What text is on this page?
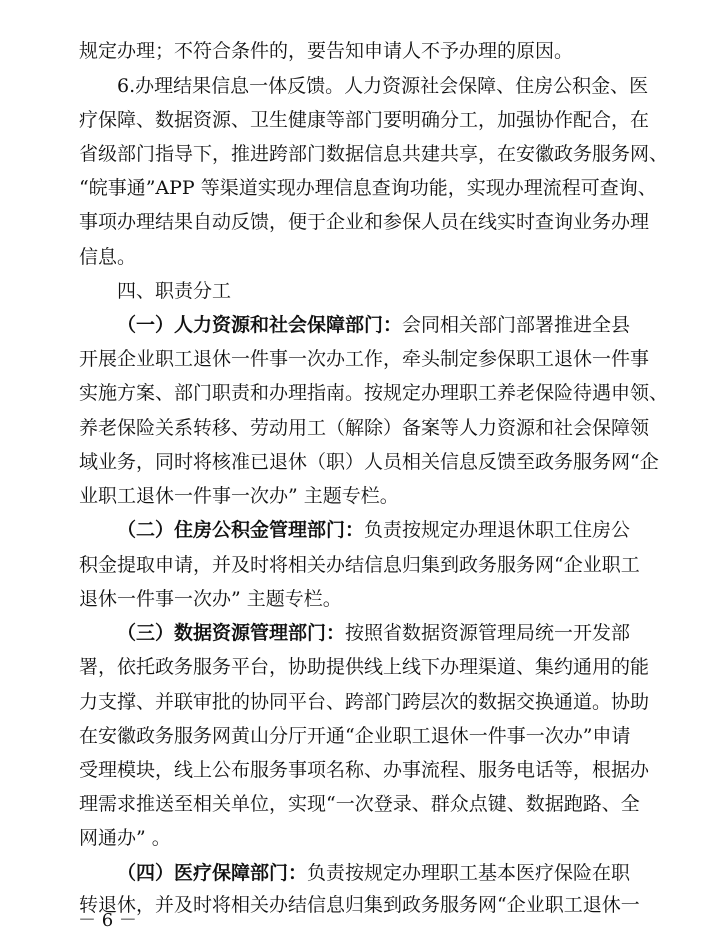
规定办理；不符合条件的，要告知申请人不予办理的原因。
6.办理结果信息一体反馈。人力资源社会保障、住房公积金、医
疗保障、数据资源、卫生健康等部门要明确分工，加强协作配合，在
省级部门指导下，推进跨部门数据信息共建共享，在安徽政务服务网、
“皖事通”APP 等渠道实现办理信息查询功能，实现办理流程可查询、
事项办理结果自动反馈，便于企业和参保人员在线实时查询业务办理
信息。
四、职责分工
（一）人力资源和社会保障部门：会同相关部门部署推进全县
开展企业职工退休一件事一次办工作，牵头制定参保职工退休一件事
实施方案、部门职责和办理指南。按规定办理职工养老保险待遇申领、
养老保险关系转移、劳动用工（解除）备案等人力资源和社会保障领
域业务，同时将核准已退休（职）人员相关信息反馈至政务服务网“企
业职工退休一件事一次办” 主题专栏。
（二）住房公积金管理部门：负责按规定办理退休职工住房公
积金提取申请，并及时将相关办结信息归集到政务服务网“企业职工
退休一件事一次办” 主题专栏。
（三）数据资源管理部门：按照省数据资源管理局统一开发部
署，依托政务服务平台，协助提供线上线下办理渠道、集约通用的能
力支撑、并联审批的协同平台、跨部门跨层次的数据交换通道。协助
在安徽政务服务网黄山分厅开通“企业职工退休一件事一次办”申请
受理模块，线上公布服务事项名称、办事流程、服务电话等，根据办
理需求推送至相关单位，实现“一次登录、群众点键、数据跑路、全
网通办” 。
（四）医疗保障部门：负责按规定办理职工基本医疗保险在职
转退休，并及时将相关办结信息归集到政务服务网“企业职工退休一
－ 6 －
